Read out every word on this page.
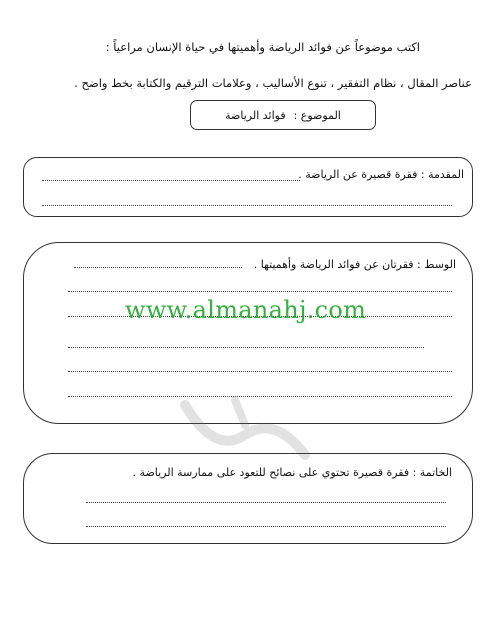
اكتب موضوعاً عن فوائد الرياضة وأهميتها في حياة الإنسان مراعياً :
عناصر المقال ، نظام التفقير ، تنوع الأساليب ، وعلامات الترقيم والكتابة بخط واضح .
الموضوع :
فوائد الرياضة
المقدمة : فقرة قصيرة عن الرياضة .
الوسط : فقرتان عن فوائد الرياضة وأهميتها .
الخاتمة : فقرة قصيرة تحتوي على نصائح للتعود على ممارسة الرياضة .
www.almanahj.com
